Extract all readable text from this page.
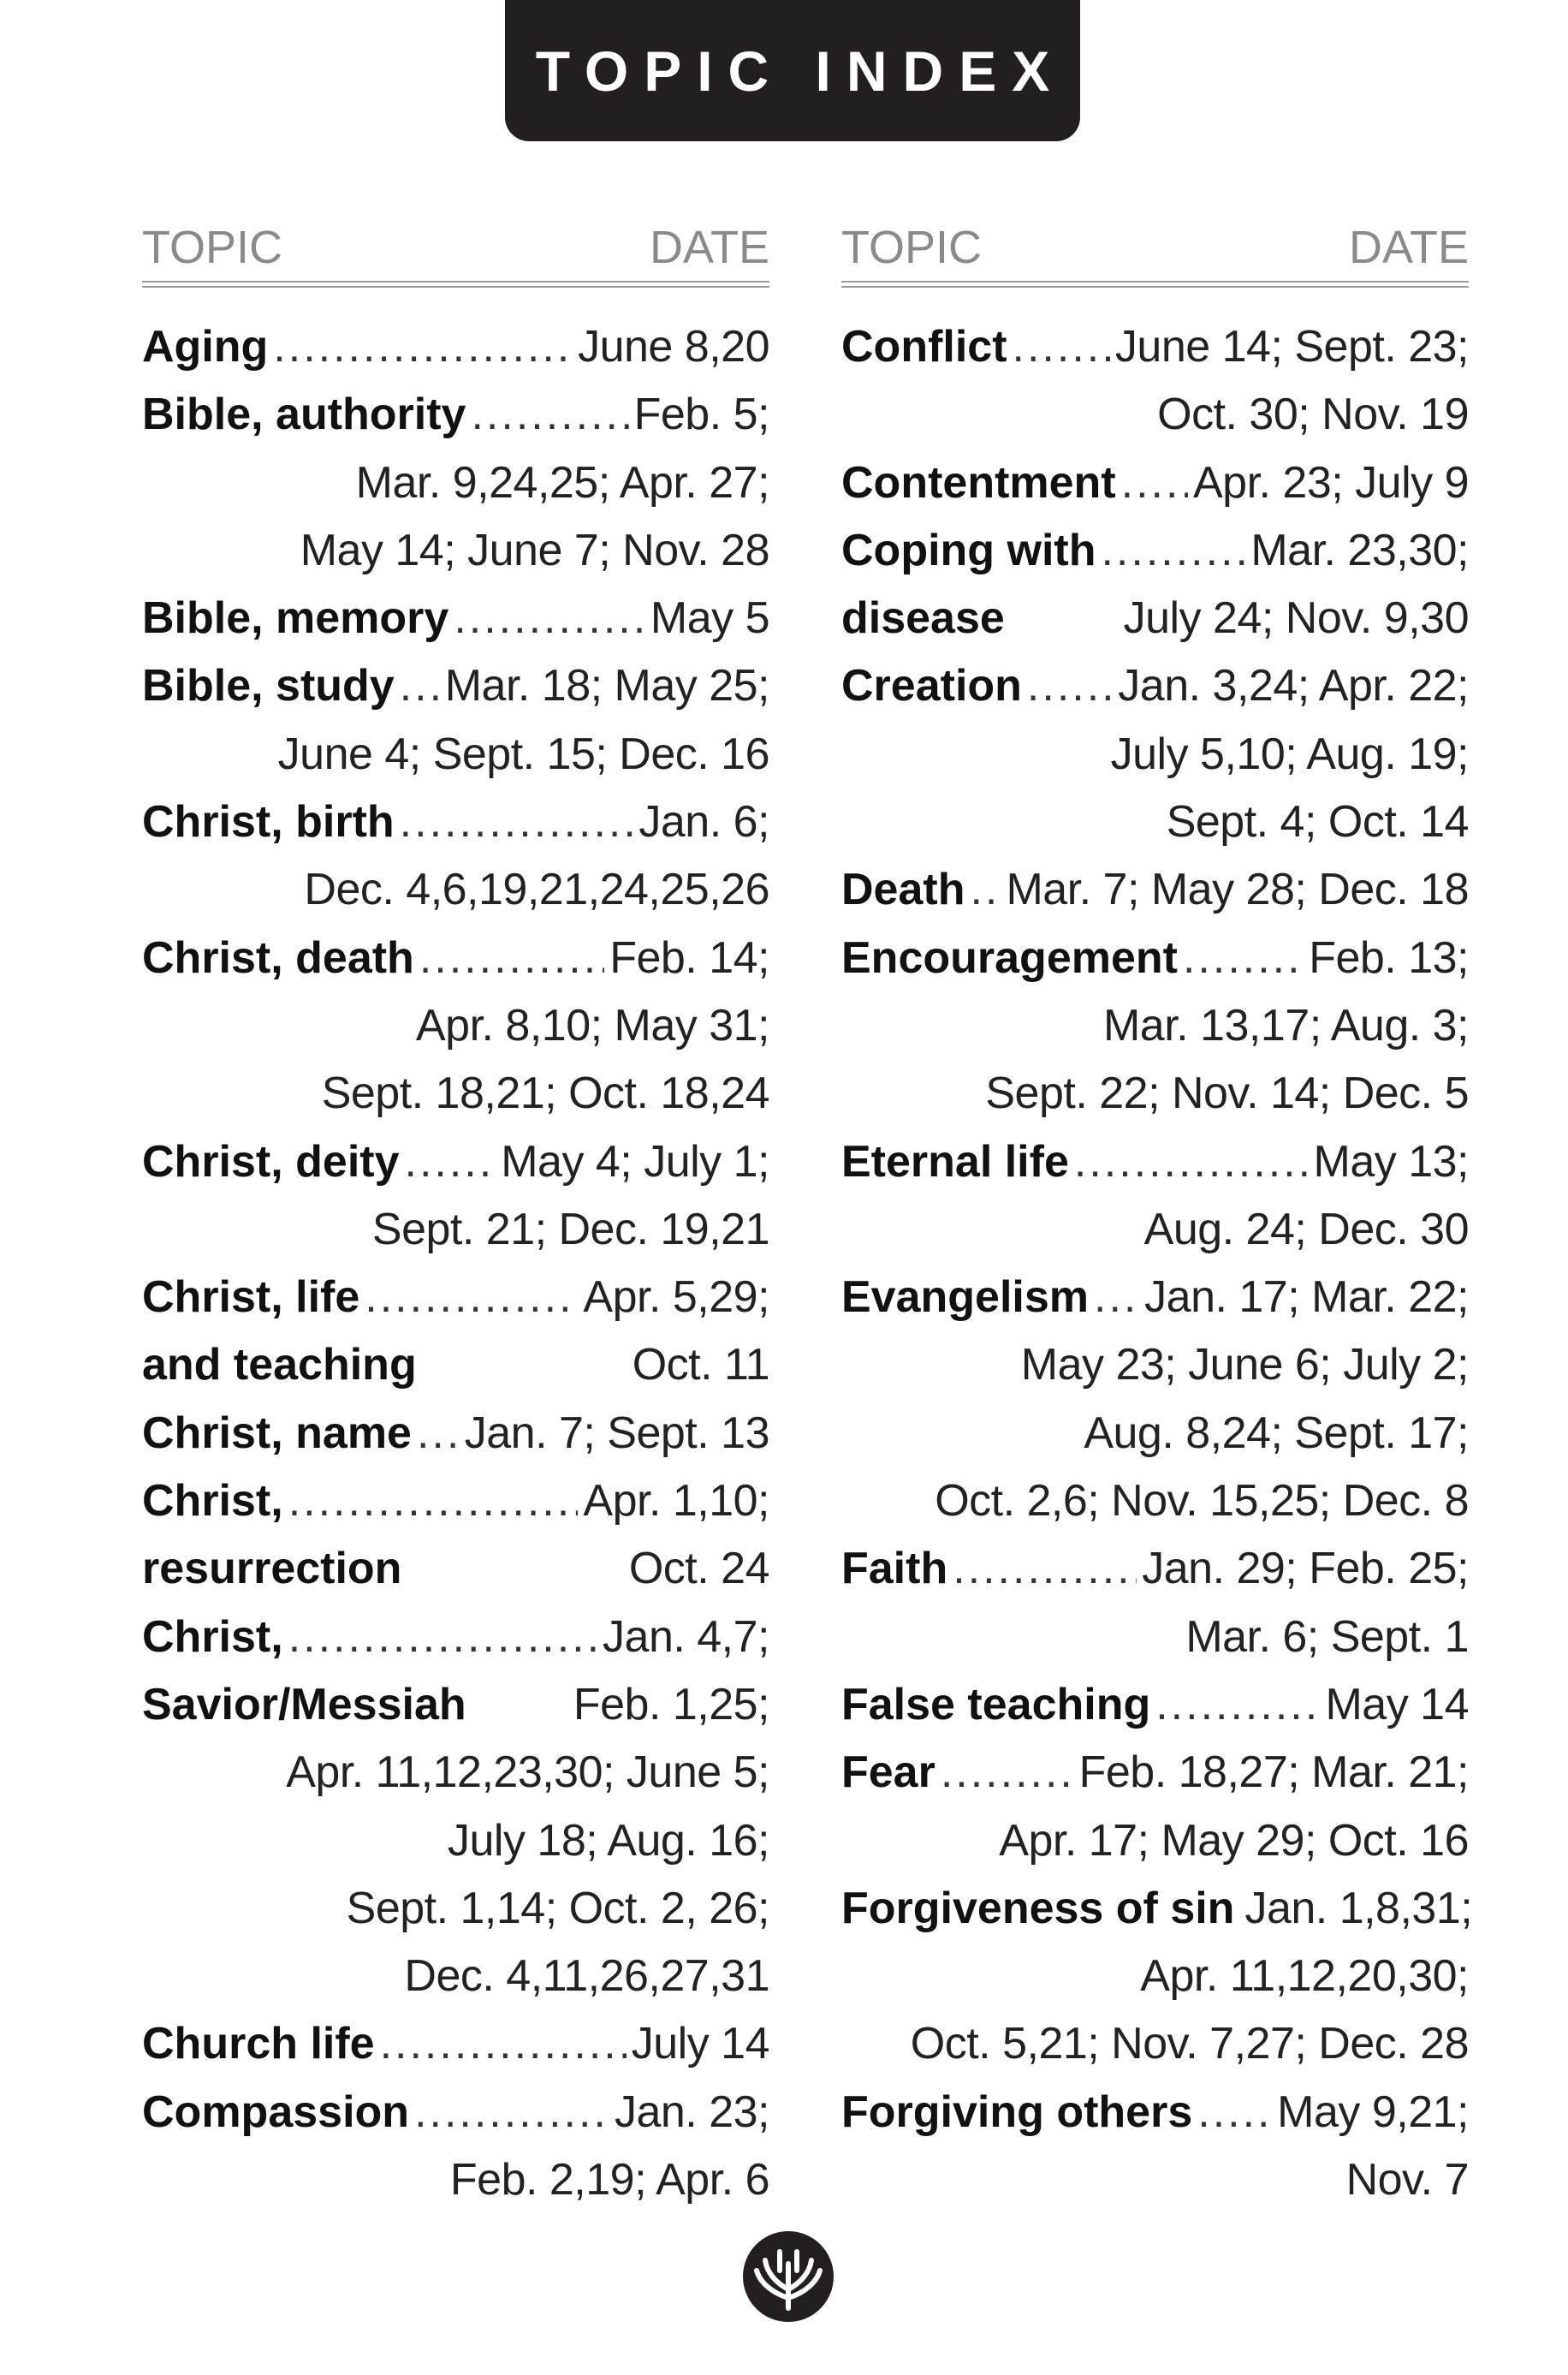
TOPIC INDEX
TOPIC	DATE
Aging .....	June 8,20
Bible, authority .....	Feb. 5;
Mar. 9,24,25; Apr. 27;
May 14; June 7; Nov. 28
Bible, memory .....	May 5
Bible, study ..... Mar. 18; May 25;
June 4; Sept. 15; Dec. 16
Christ, birth .....	Jan. 6;
Dec. 4,6,19,21,24,25,26
Christ, death .....	Feb. 14;
Apr. 8,10; May 31;
Sept. 18,21; Oct. 18,24
Christ, deity ..... May 4; July 1;
Sept. 21; Dec. 19,21
Christ, life .....	Apr. 5,29;
and teaching	Oct. 11
Christ, name ..... Jan. 7; Sept. 13
Christ, .....	Apr. 1,10;
resurrection	Oct. 24
Christ, .....	Jan. 4,7;
Savior/Messiah Feb. 1,25;
Apr. 11,12,23,30; June 5;
July 18; Aug. 16;
Sept. 1,14; Oct. 2, 26;
Dec. 4,11,26,27,31
Church life .....	July 14
Compassion .....	Jan. 23;
Feb. 2,19; Apr. 6
TOPIC	DATE
Conflict ..... June 14; Sept. 23;
Oct. 30; Nov. 19
Contentment ..... Apr. 23; July 9
Coping with .....	Mar. 23,30;
disease	July 24; Nov. 9,30
Creation ..... Jan. 3,24; Apr. 22;
July 5,10; Aug. 19;
Sept. 4; Oct. 14
Death ..... Mar. 7; May 28; Dec. 18
Encouragement .....	Feb. 13;
Mar. 13,17; Aug. 3;
Sept. 22; Nov. 14; Dec. 5
Eternal life .....	May 13;
Aug. 24; Dec. 30
Evangelism ..... Jan. 17; Mar. 22;
May 23; June 6; July 2;
Aug. 8,24; Sept. 17;
Oct. 2,6; Nov. 15,25; Dec. 8
Faith .....	Jan. 29; Feb. 25;
Mar. 6; Sept. 1
False teaching .....	May 14
Fear .....	Feb. 18,27; Mar. 21;
Apr. 17; May 29; Oct. 16
Forgiveness of sin Jan. 1,8,31;
Apr. 11,12,20,30;
Oct. 5,21; Nov. 7,27; Dec. 28
Forgiving others ..... May 9,21;
Nov. 7
